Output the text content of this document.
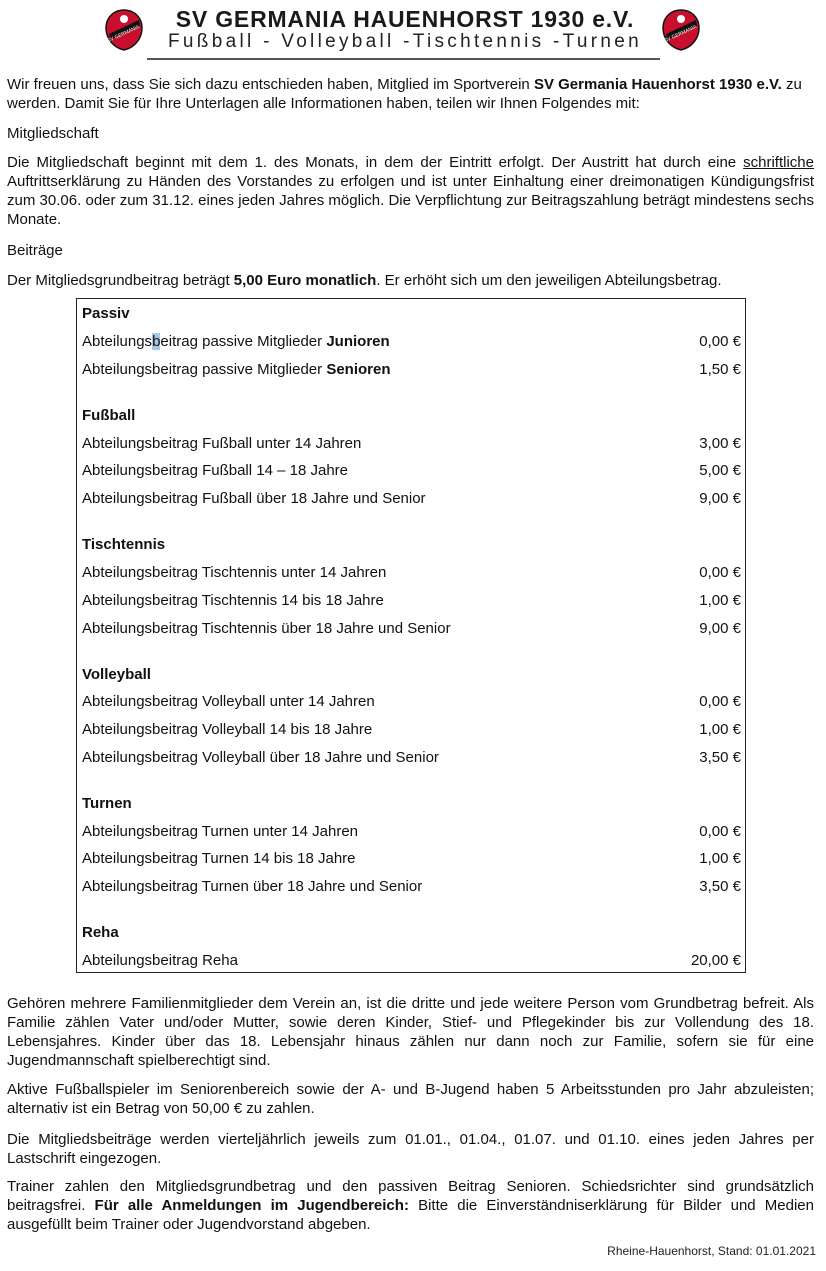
SV GERMANIA	SV GERMANIA
SV GERMANIA HAUENHORST 1930 e.V.
Fußball - Volleyball -Tischtennis -Turnen

Wir freuen uns, dass Sie sich dazu entschieden haben, Mitglied im Sportverein SV Germania Hauenhorst 1930 e.V. zu werden. Damit Sie für Ihre Unterlagen alle Informationen haben, teilen wir Ihnen Folgendes mit:

Mitgliedschaft

Die Mitgliedschaft beginnt mit dem 1. des Monats, in dem der Eintritt erfolgt. Der Austritt hat durch eine schriftliche Auftrittserklärung zu Händen des Vorstandes zu erfolgen und ist unter Einhaltung einer dreimonatigen Kündigungsfrist zum 30.06. oder zum 31.12. eines jeden Jahres möglich. Die Verpflichtung zur Beitragszahlung beträgt mindestens sechs Monate.

Beiträge

Der Mitgliedsgrundbeitrag beträgt 5,00 Euro monatlich. Er erhöht sich um den jeweiligen Abteilungsbetrag.

Passiv
Abteilungsbeitrag passive Mitglieder Junioren	0,00 €
Abteilungsbeitrag passive Mitglieder Senioren	1,50 €
Fußball
Abteilungsbeitrag Fußball unter 14 Jahren	3,00 €
Abteilungsbeitrag Fußball 14 – 18 Jahre	5,00 €
Abteilungsbeitrag Fußball über 18 Jahre und Senior	9,00 €
Tischtennis
Abteilungsbeitrag Tischtennis unter 14 Jahren	0,00 €
Abteilungsbeitrag Tischtennis 14 bis 18 Jahre	1,00 €
Abteilungsbeitrag Tischtennis über 18 Jahre und Senior	9,00 €
Volleyball
Abteilungsbeitrag Volleyball unter 14 Jahren	0,00 €
Abteilungsbeitrag Volleyball 14 bis 18 Jahre	1,00 €
Abteilungsbeitrag Volleyball über 18 Jahre und Senior	3,50 €
Turnen
Abteilungsbeitrag Turnen unter 14 Jahren	0,00 €
Abteilungsbeitrag Turnen 14 bis 18 Jahre	1,00 €
Abteilungsbeitrag Turnen über 18 Jahre und Senior	3,50 €
Reha
Abteilungsbeitrag Reha	20,00 €

Gehören mehrere Familienmitglieder dem Verein an, ist die dritte und jede weitere Person vom Grundbetrag befreit. Als Familie zählen Vater und/oder Mutter, sowie deren Kinder, Stief- und Pflegekinder bis zur Vollendung des 18. Lebensjahres. Kinder über das 18. Lebensjahr hinaus zählen nur dann noch zur Familie, sofern sie für eine Jugendmannschaft spielberechtigt sind.

Aktive Fußballspieler im Seniorenbereich sowie der A- und B-Jugend haben 5 Arbeitsstunden pro Jahr abzuleisten; alternativ ist ein Betrag von 50,00 € zu zahlen.

Die Mitgliedsbeiträge werden vierteljährlich jeweils zum 01.01., 01.04., 01.07. und 01.10. eines jeden Jahres per Lastschrift eingezogen.

Trainer zahlen den Mitgliedsgrundbetrag und den passiven Beitrag Senioren. Schiedsrichter sind grundsätzlich beitragsfrei. Für alle Anmeldungen im Jugendbereich: Bitte die Einverständniserklärung für Bilder und Medien ausgefüllt beim Trainer oder Jugendvorstand abgeben.

Rheine-Hauenhorst, Stand: 01.01.2021
